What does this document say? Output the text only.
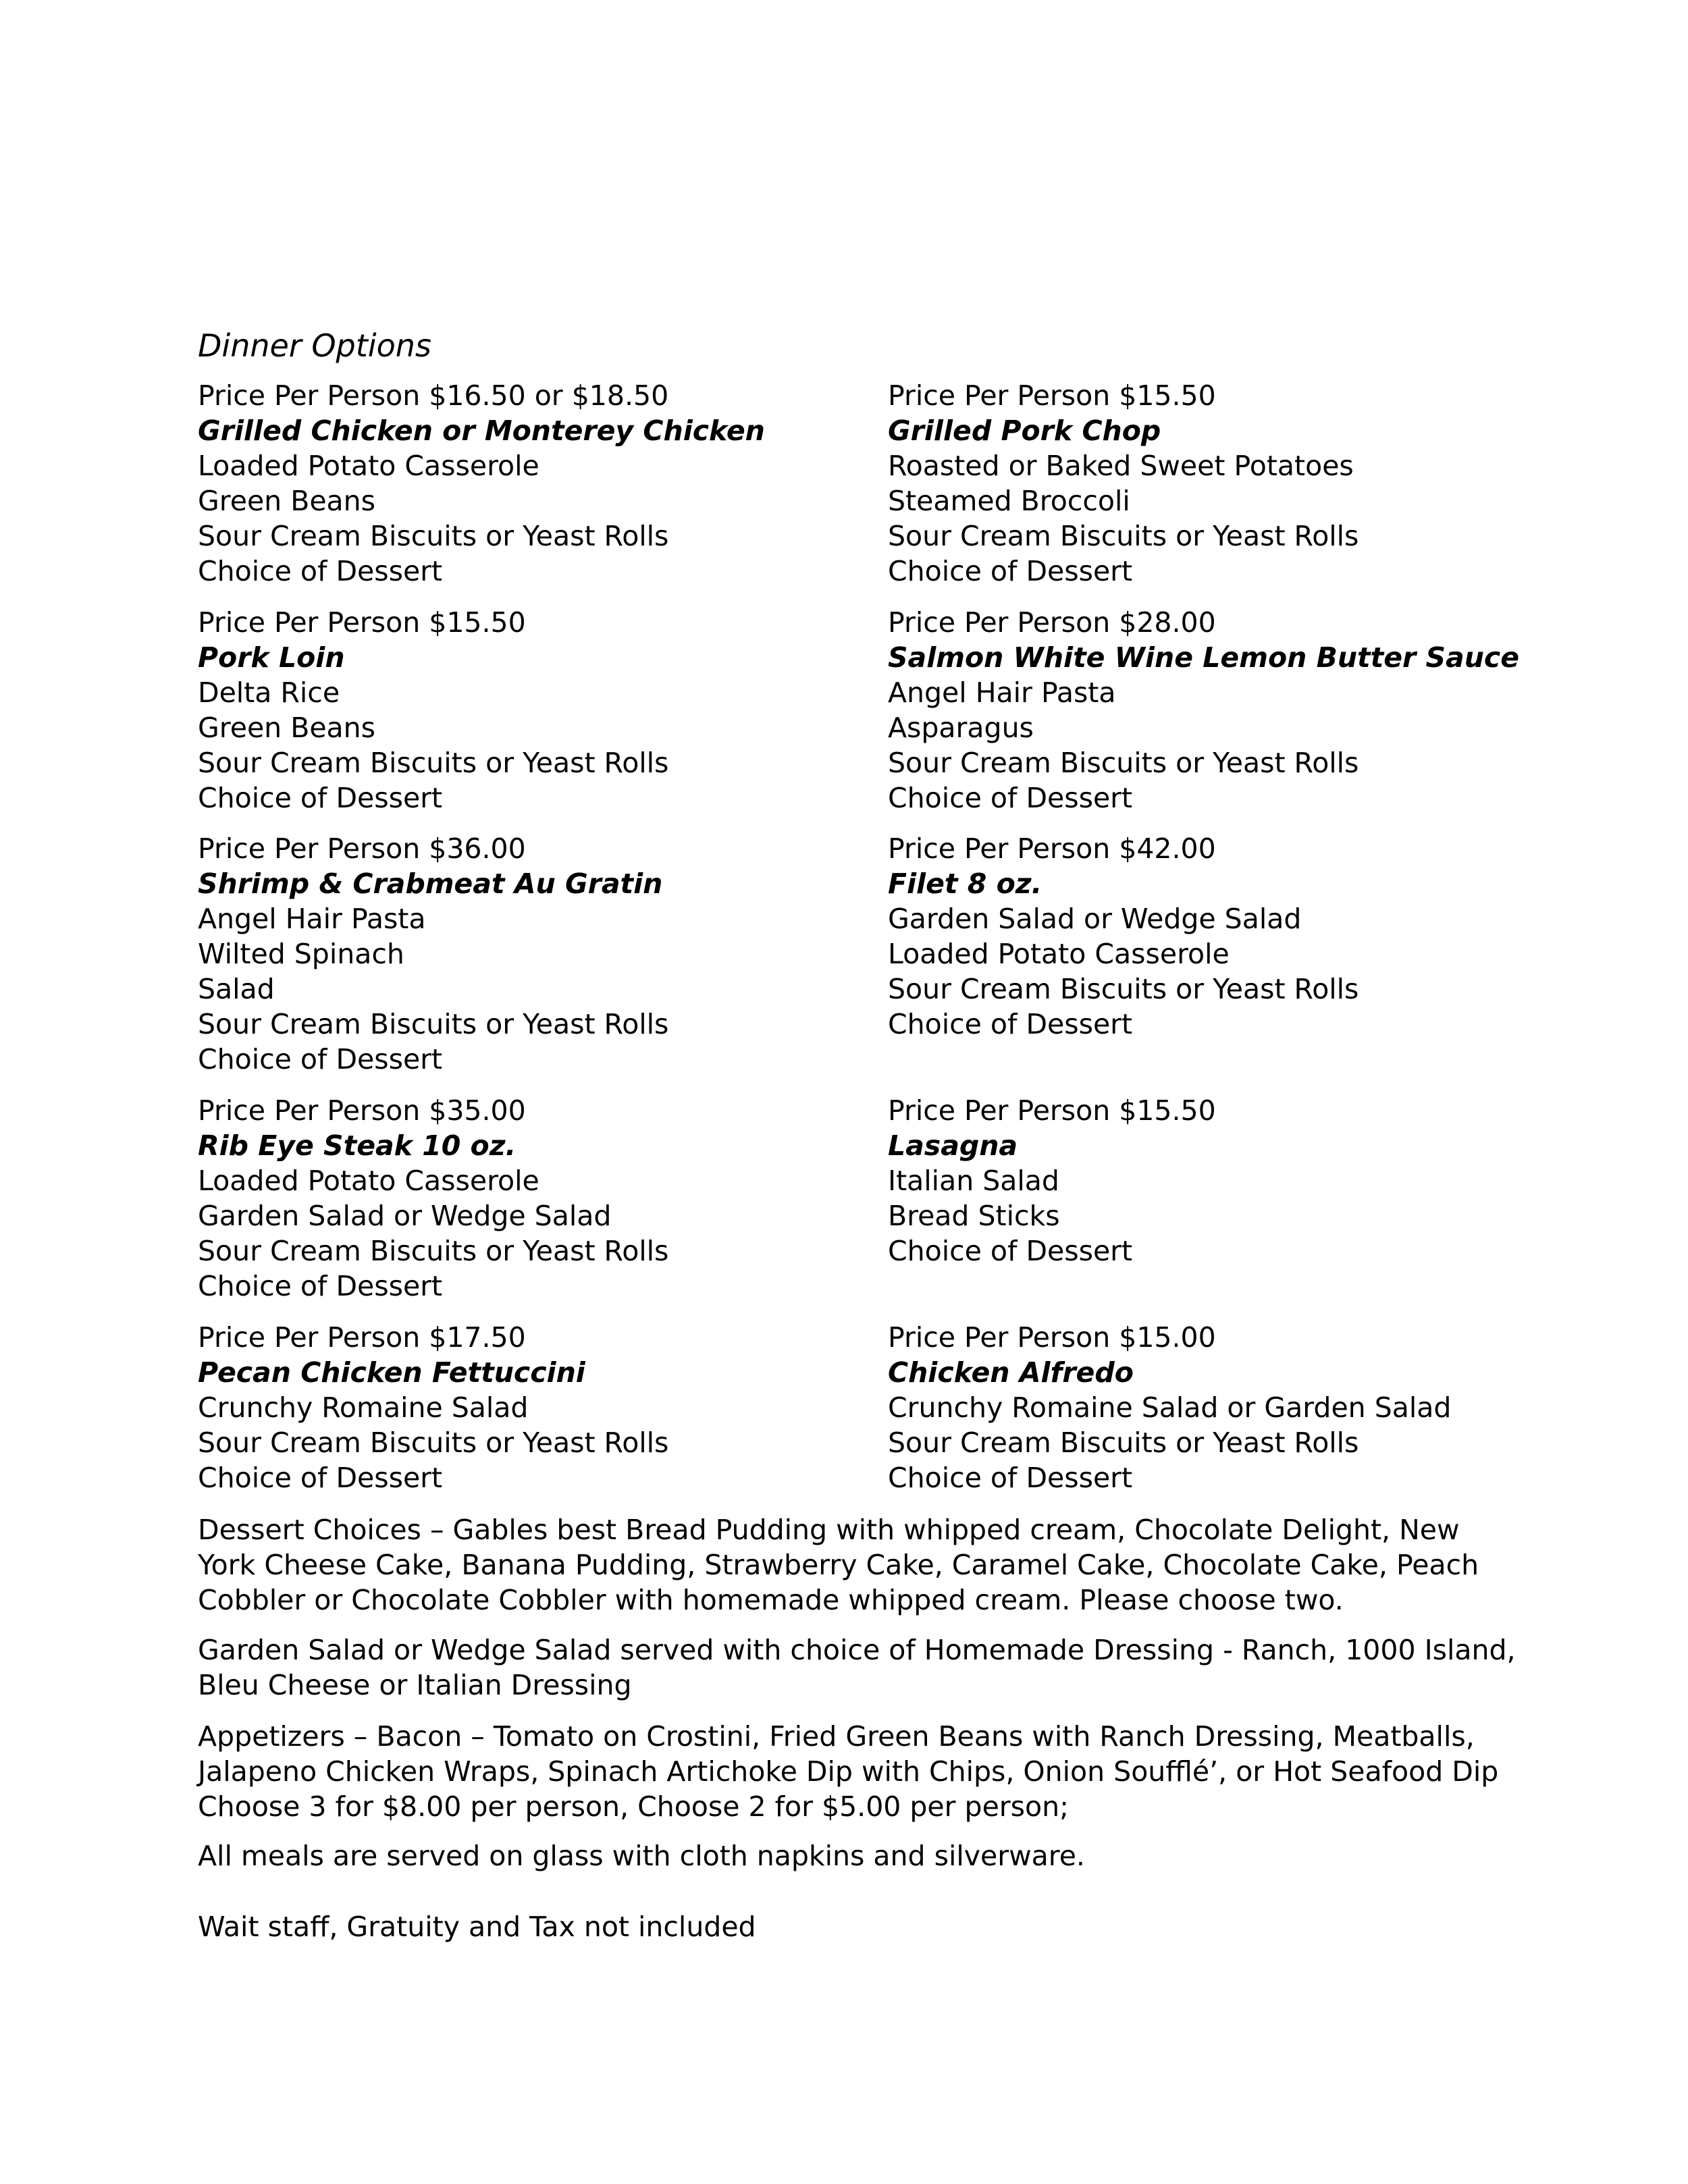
Dinner Options
Price Per Person $16.50 or $18.50
Grilled Chicken or Monterey Chicken
Loaded Potato Casserole
Green Beans
Sour Cream Biscuits or Yeast Rolls
Choice of Dessert
Price Per Person $15.50
Pork Loin
Delta Rice
Green Beans
Sour Cream Biscuits or Yeast Rolls
Choice of Dessert
Price Per Person $36.00
Shrimp & Crabmeat Au Gratin
Angel Hair Pasta
Wilted Spinach
Salad
Sour Cream Biscuits or Yeast Rolls
Choice of Dessert
Price Per Person $35.00
Rib Eye Steak 10 oz.
Loaded Potato Casserole
Garden Salad or Wedge Salad
Sour Cream Biscuits or Yeast Rolls
Choice of Dessert
Price Per Person $17.50
Pecan Chicken Fettuccini
Crunchy Romaine Salad
Sour Cream Biscuits or Yeast Rolls
Choice of Dessert
Price Per Person $15.50
Grilled Pork Chop
Roasted or Baked Sweet Potatoes
Steamed Broccoli
Sour Cream Biscuits or Yeast Rolls
Choice of Dessert
Price Per Person $28.00
Salmon White Wine Lemon Butter Sauce
Angel Hair Pasta
Asparagus
Sour Cream Biscuits or Yeast Rolls
Choice of Dessert
Price Per Person $42.00
Filet 8 oz.
Garden Salad or Wedge Salad
Loaded Potato Casserole
Sour Cream Biscuits or Yeast Rolls
Choice of Dessert
Price Per Person $15.50
Lasagna
Italian Salad
Bread Sticks
Choice of Dessert
Price Per Person $15.00
Chicken Alfredo
Crunchy Romaine Salad or Garden Salad
Sour Cream Biscuits or Yeast Rolls
Choice of Dessert
Dessert Choices – Gables best Bread Pudding with whipped cream, Chocolate Delight, New
York Cheese Cake, Banana Pudding, Strawberry Cake, Caramel Cake, Chocolate Cake, Peach
Cobbler or Chocolate Cobbler with homemade whipped cream. Please choose two.
Garden Salad or Wedge Salad served with choice of Homemade Dressing - Ranch, 1000 Island,
Bleu Cheese or Italian Dressing
Appetizers – Bacon – Tomato on Crostini, Fried Green Beans with Ranch Dressing, Meatballs,
Jalapeno Chicken Wraps, Spinach Artichoke Dip with Chips, Onion Soufflé’, or Hot Seafood Dip
Choose 3 for $8.00 per person, Choose 2 for $5.00 per person;
All meals are served on glass with cloth napkins and silverware.
Wait staff, Gratuity and Tax not included
